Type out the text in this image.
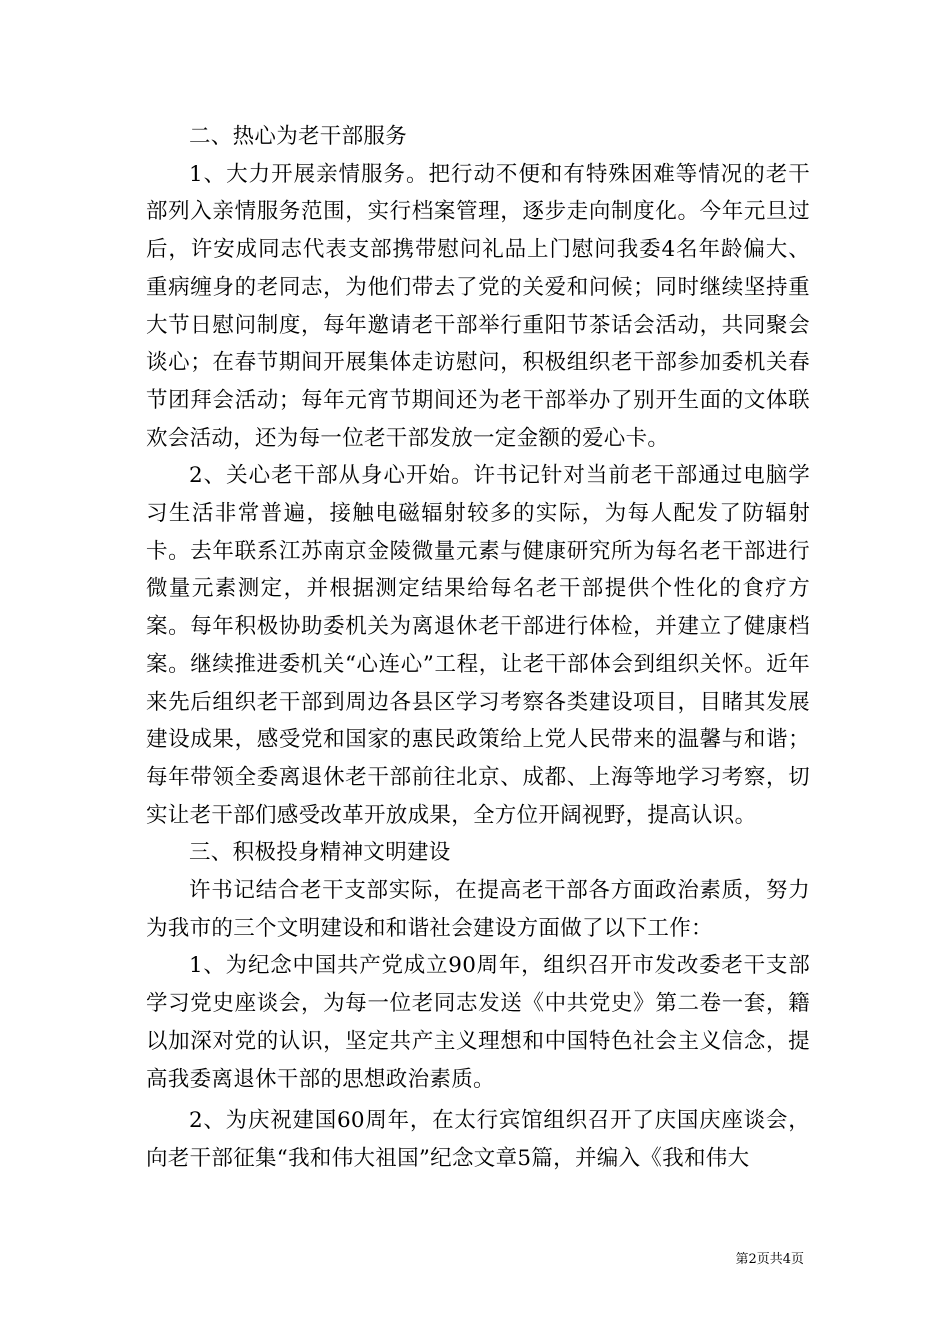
二、热心为老干部服务

1、大力开展亲情服务。把行动不便和有特殊困难等情况的老干部列入亲情服务范围，实行档案管理，逐步走向制度化。今年元旦过后，许安成同志代表支部携带慰问礼品上门慰问我委4名年龄偏大、重病缠身的老同志，为他们带去了党的关爱和问候；同时继续坚持重大节日慰问制度，每年邀请老干部举行重阳节茶话会活动，共同聚会谈心；在春节期间开展集体走访慰问，积极组织老干部参加委机关春节团拜会活动；每年元宵节期间还为老干部举办了别开生面的文体联欢会活动，还为每一位老干部发放一定金额的爱心卡。

2、关心老干部从身心开始。许书记针对当前老干部通过电脑学习生活非常普遍，接触电磁辐射较多的实际，为每人配发了防辐射卡。去年联系江苏南京金陵微量元素与健康研究所为每名老干部进行微量元素测定，并根据测定结果给每名老干部提供个性化的食疗方案。每年积极协助委机关为离退休老干部进行体检，并建立了健康档案。继续推进委机关“心连心”工程，让老干部体会到组织关怀。近年来先后组织老干部到周边各县区学习考察各类建设项目，目睹其发展建设成果，感受党和国家的惠民政策给上党人民带来的温馨与和谐；每年带领全委离退休老干部前往北京、成都、上海等地学习考察，切实让老干部们感受改革开放成果，全方位开阔视野，提高认识。

三、积极投身精神文明建设

许书记结合老干支部实际，在提高老干部各方面政治素质，努力为我市的三个文明建设和和谐社会建设方面做了以下工作：

1、为纪念中国共产党成立90周年，组织召开市发改委老干支部学习党史座谈会，为每一位老同志发送《中共党史》第二卷一套，籍以加深对党的认识，坚定共产主义理想和中国特色社会主义信念，提高我委离退休干部的思想政治素质。

2、为庆祝建国60周年，在太行宾馆组织召开了庆国庆座谈会，向老干部征集“我和伟大祖国”纪念文章5篇，并编入《我和伟大

第2页共4页
